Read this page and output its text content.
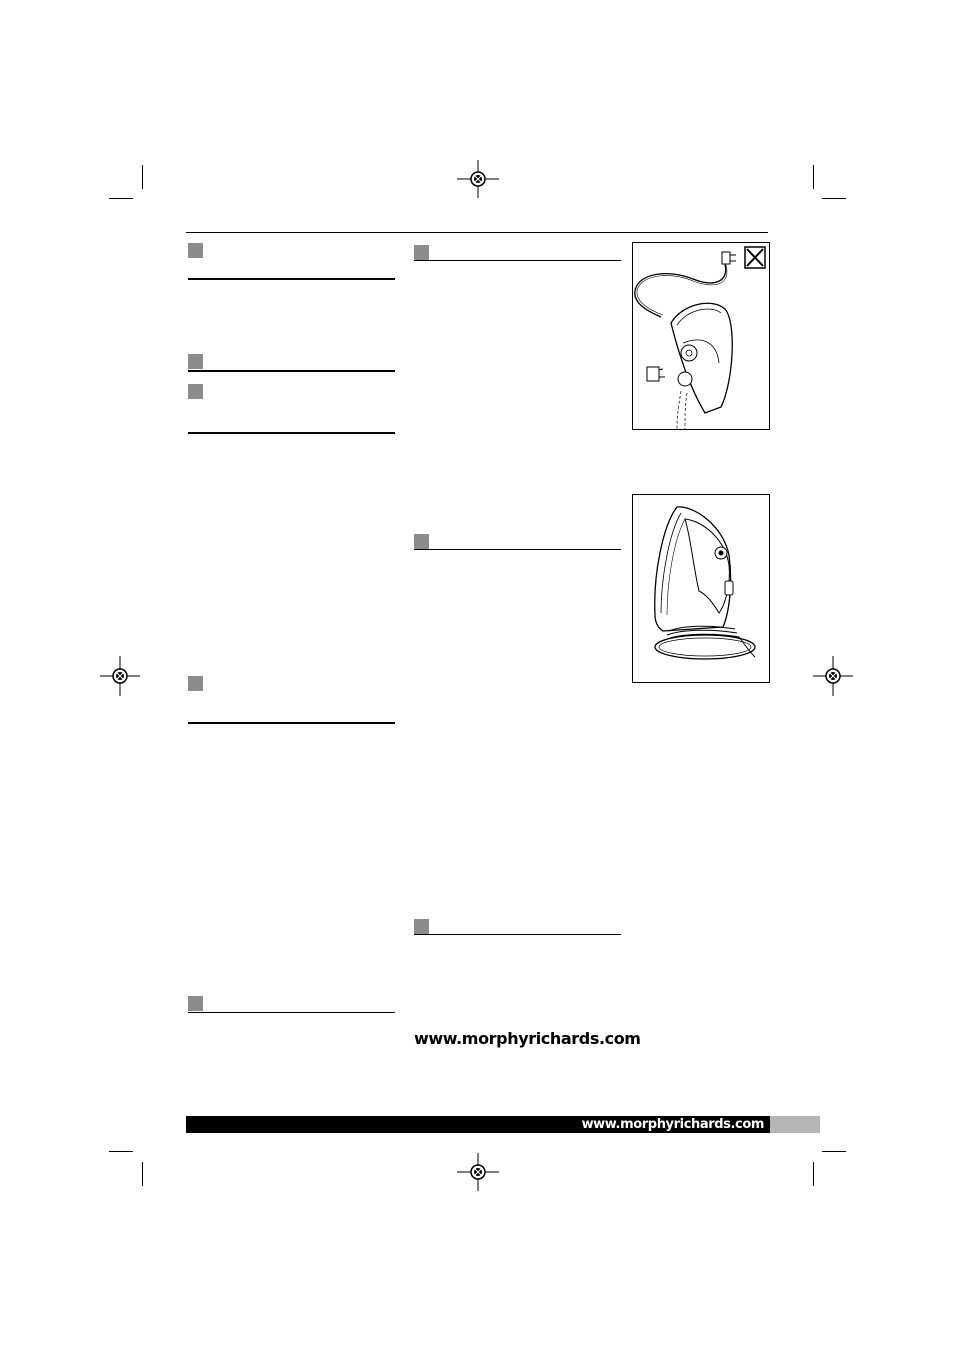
www.morphyrichards.com
www.morphyrichards.com
